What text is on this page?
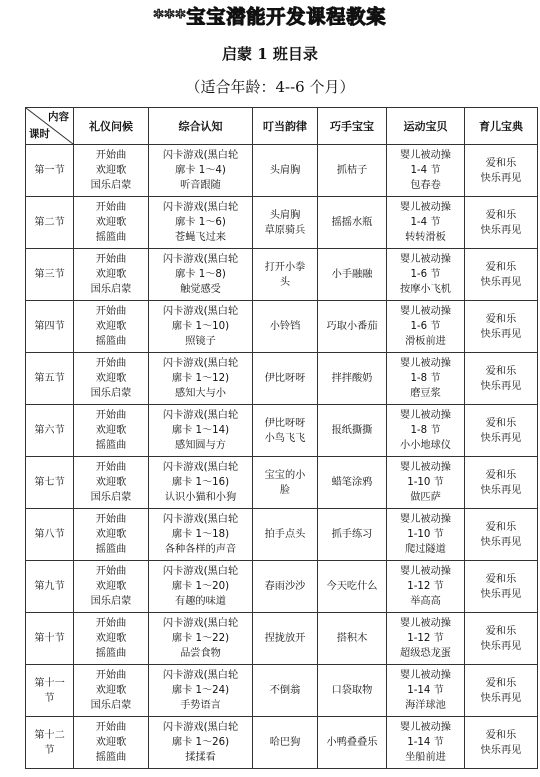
***宝宝潜能开发课程教案
启蒙 1 班目录
（适合年龄：4--6 个月）
内容
课时	礼仪问候	综合认知	叮当韵律	巧手宝宝	运动宝贝	育儿宝典

第一节	开始曲
欢迎歌
国乐启蒙	闪卡游戏(黑白轮
廓卡 1～4)
听音跟随	头肩胸	抓桔子	婴儿被动操
1-4 节
包春卷	爱和乐
快乐再见

第二节	开始曲
欢迎歌
摇篮曲	闪卡游戏(黑白轮
廓卡 1～6)
苍蝇飞过来	头肩胸
草原骑兵	摇摇水瓶	婴儿被动操
1-4 节
转转滑板	爱和乐
快乐再见

第三节	开始曲
欢迎歌
国乐启蒙	闪卡游戏(黑白轮
廓卡 1～8)
触觉感受	打开小拳
头	小手融融	婴儿被动操
1-6 节
按摩小飞机	爱和乐
快乐再见

第四节	开始曲
欢迎歌
摇篮曲	闪卡游戏(黑白轮
廓卡 1～10)
照镜子	小铃铛	巧取小番茄	婴儿被动操
1-6 节
滑板前进	爱和乐
快乐再见

第五节	开始曲
欢迎歌
国乐启蒙	闪卡游戏(黑白轮
廓卡 1～12)
感知大与小	伊比呀呀	拌拌酸奶	婴儿被动操
1-8 节
磨豆浆	爱和乐
快乐再见

第六节	开始曲
欢迎歌
摇篮曲	闪卡游戏(黑白轮
廓卡 1～14)
感知圆与方	伊比呀呀
小鸟飞飞	报纸撕撕	婴儿被动操
1-8 节
小小地球仪	爱和乐
快乐再见

第七节	开始曲
欢迎歌
国乐启蒙	闪卡游戏(黑白轮
廓卡 1～16)
认识小猫和小狗	宝宝的小
脸	蜡笔涂鸦	婴儿被动操
1-10 节
做匹萨	爱和乐
快乐再见

第八节	开始曲
欢迎歌
摇篮曲	闪卡游戏(黑白轮
廓卡 1～18)
各种各样的声音	拍手点头	抓手练习	婴儿被动操
1-10 节
爬过隧道	爱和乐
快乐再见

第九节	开始曲
欢迎歌
国乐启蒙	闪卡游戏(黑白轮
廓卡 1～20)
有趣的味道	春雨沙沙	今天吃什么	婴儿被动操
1-12 节
举高高	爱和乐
快乐再见

第十节	开始曲
欢迎歌
摇篮曲	闪卡游戏(黑白轮
廓卡 1～22)
品尝食物	捏拢放开	搭积木	婴儿被动操
1-12 节
超级恐龙蛋	爱和乐
快乐再见

第十一
节	开始曲
欢迎歌
国乐启蒙	闪卡游戏(黑白轮
廓卡 1～24)
手势语言	不倒翁	口袋取物	婴儿被动操
1-14 节
海洋球池	爱和乐
快乐再见

第十二
节	开始曲
欢迎歌
摇篮曲	闪卡游戏(黑白轮
廓卡 1～26)
揉揉看	哈巴狗	小鸭叠叠乐	婴儿被动操
1-14 节
坐船前进	爱和乐
快乐再见
